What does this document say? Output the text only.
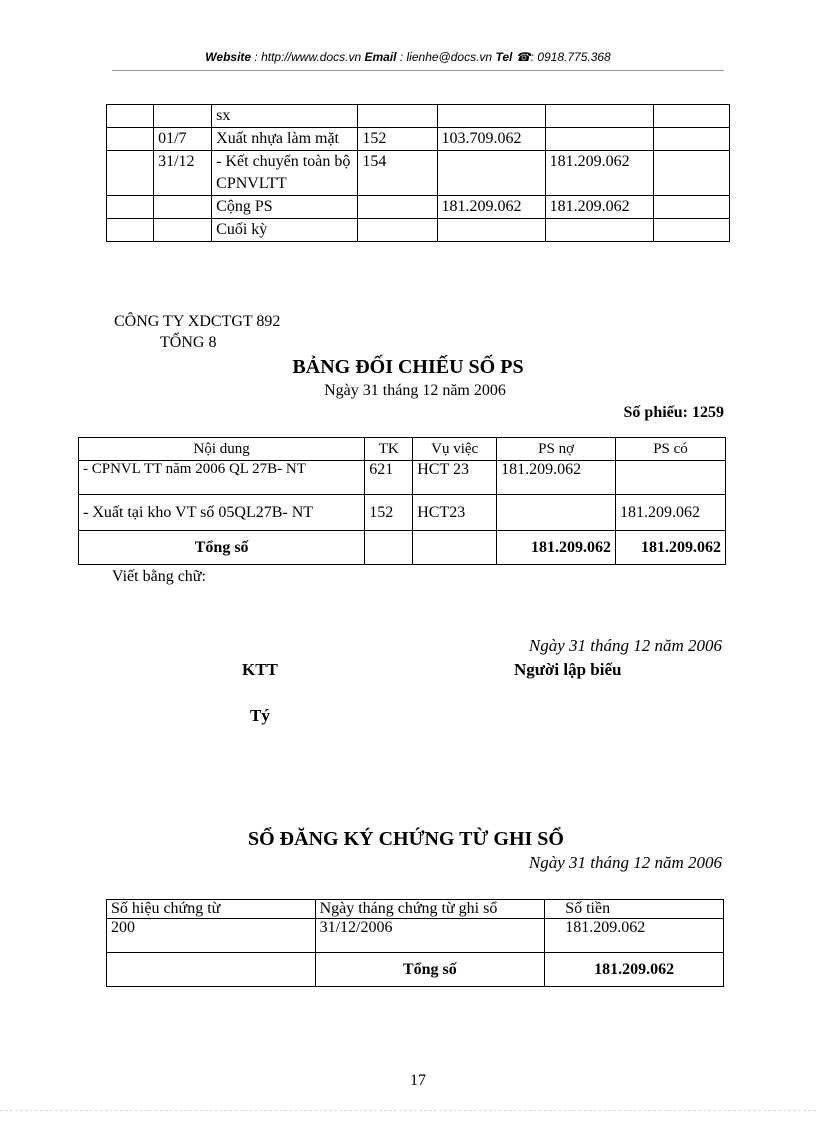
Website : http://www.docs.vn Email : lienhe@docs.vn Tel ☎: 0918.775.368
		sx				
	01/7	Xuất nhựa làm mặt	152	103.709.062		
	31/12	- Kết chuyển toàn bộ CPNVLTT	154		181.209.062	
		Cộng PS		181.209.062	181.209.062	
		Cuối kỳ				
CÔNG TY XDCTGT 892
TỔNG 8
BẢNG ĐỐI CHIẾU SỐ PS
Ngày 31 tháng 12 năm 2006
Số phiếu: 1259
Nội dung	TK	Vụ việc	PS nợ	PS có
- CPNVL TT năm 2006 QL 27B- NT	621	HCT 23	181.209.062	
- Xuất tại kho VT số 05QL27B- NT	152	HCT23		181.209.062
Tổng số			181.209.062	181.209.062
Viết bằng chữ:
Ngày 31 tháng 12 năm 2006
KTT	Người lập biểu
Tý
SỔ ĐĂNG KÝ CHỨNG TỪ GHI SỔ
Ngày 31 tháng 12 năm 2006
Số hiệu chứng từ	Ngày tháng chứng từ ghi sổ	Số tiền
200	31/12/2006	181.209.062
	Tổng số	181.209.062
17
